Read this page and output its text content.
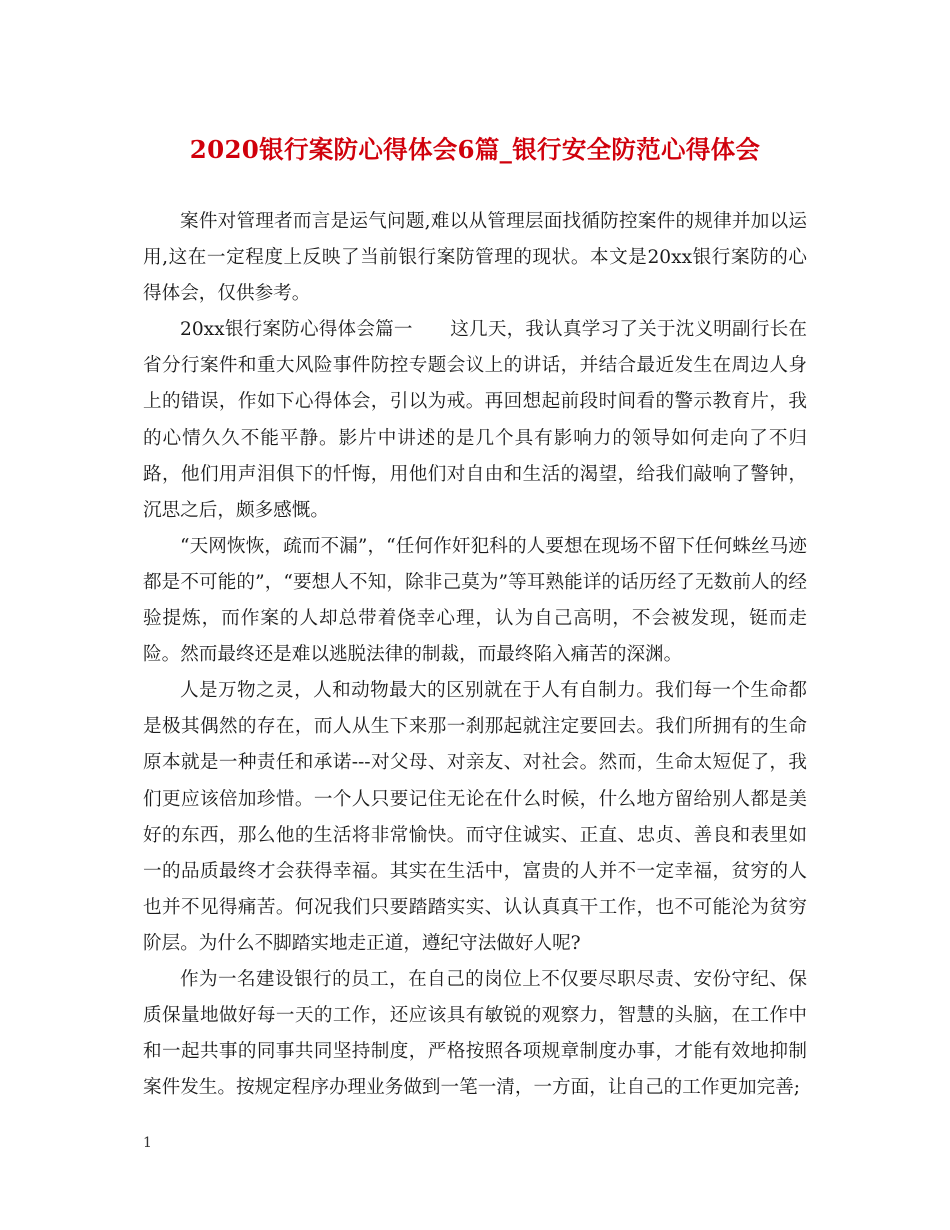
2020银行案防心得体会6篇_银行安全防范心得体会

案件对管理者而言是运气问题,难以从管理层面找循防控案件的规律并加以运用,这在一定程度上反映了当前银行案防管理的现状。本文是20xx银行案防的心得体会，仅供参考。

20xx银行案防心得体会篇一　　这几天，我认真学习了关于沈义明副行长在省分行案件和重大风险事件防控专题会议上的讲话，并结合最近发生在周边人身上的错误，作如下心得体会，引以为戒。再回想起前段时间看的警示教育片，我的心情久久不能平静。影片中讲述的是几个具有影响力的领导如何走向了不归路，他们用声泪俱下的忏悔，用他们对自由和生活的渴望，给我们敲响了警钟，沉思之后，颇多感慨。

“天网恢恢，疏而不漏”，“任何作奸犯科的人要想在现场不留下任何蛛丝马迹都是不可能的”，“要想人不知，除非己莫为”等耳熟能详的话历经了无数前人的经验提炼，而作案的人却总带着侥幸心理，认为自己高明，不会被发现，铤而走险。然而最终还是难以逃脱法律的制裁，而最终陷入痛苦的深渊。

人是万物之灵，人和动物最大的区别就在于人有自制力。我们每一个生命都是极其偶然的存在，而人从生下来那一刹那起就注定要回去。我们所拥有的生命原本就是一种责任和承诺---对父母、对亲友、对社会。然而，生命太短促了，我们更应该倍加珍惜。一个人只要记住无论在什么时候，什么地方留给别人都是美好的东西，那么他的生活将非常愉快。而守住诚实、正直、忠贞、善良和表里如一的品质最终才会获得幸福。其实在生活中，富贵的人并不一定幸福，贫穷的人也并不见得痛苦。何况我们只要踏踏实实、认认真真干工作，也不可能沦为贫穷阶层。为什么不脚踏实地走正道，遵纪守法做好人呢?

作为一名建设银行的员工，在自己的岗位上不仅要尽职尽责、安份守纪、保质保量地做好每一天的工作，还应该具有敏锐的观察力，智慧的头脑，在工作中和一起共事的同事共同坚持制度，严格按照各项规章制度办事，才能有效地抑制案件发生。按规定程序办理业务做到一笔一清，一方面，让自己的工作更加完善;

1
